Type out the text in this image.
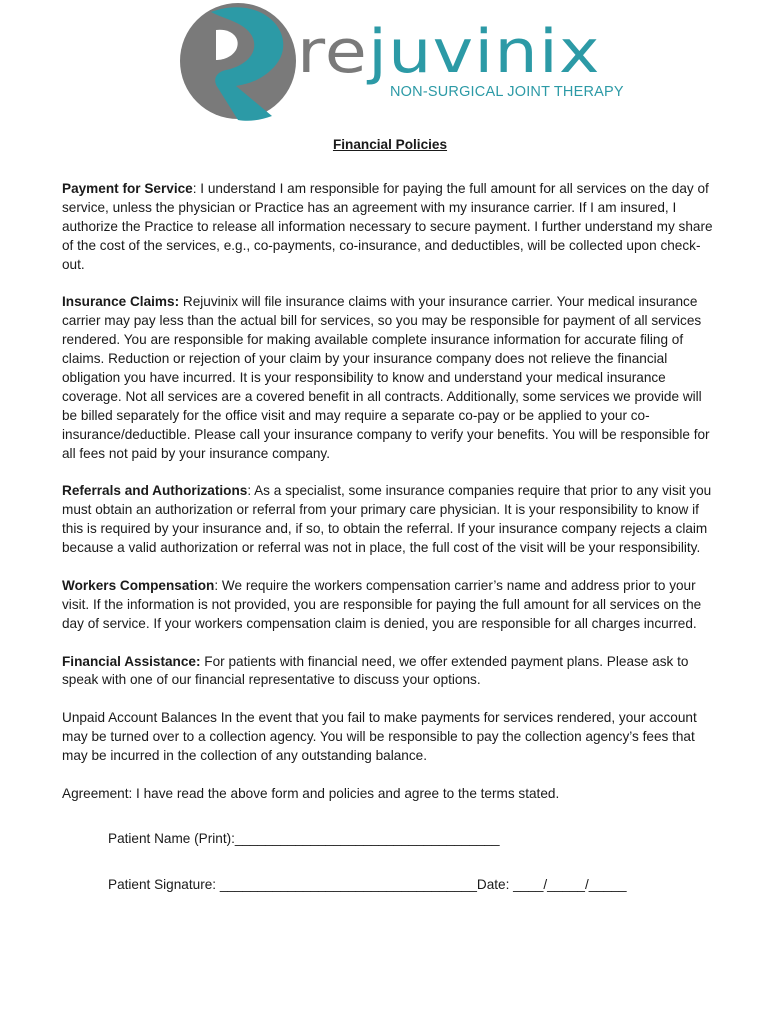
rejuvinix
NON-SURGICAL JOINT THERAPY
Financial Policies

Payment for Service: I understand I am responsible for paying the full amount for all services on the day of service, unless the physician or Practice has an agreement with my insurance carrier. If I am insured, I authorize the Practice to release all information necessary to secure payment. I further understand my share of the cost of the services, e.g., co-payments, co-insurance, and deductibles, will be collected upon check-out.

Insurance Claims: Rejuvinix will file insurance claims with your insurance carrier. Your medical insurance carrier may pay less than the actual bill for services, so you may be responsible for payment of all services rendered. You are responsible for making available complete insurance information for accurate filing of claims. Reduction or rejection of your claim by your insurance company does not relieve the financial obligation you have incurred. It is your responsibility to know and understand your medical insurance coverage. Not all services are a covered benefit in all contracts. Additionally, some services we provide will be billed separately for the office visit and may require a separate co-pay or be applied to your co-insurance/deductible. Please call your insurance company to verify your benefits. You will be responsible for all fees not paid by your insurance company.

Referrals and Authorizations: As a specialist, some insurance companies require that prior to any visit you must obtain an authorization or referral from your primary care physician. It is your responsibility to know if this is required by your insurance and, if so, to obtain the referral. If your insurance company rejects a claim because a valid authorization or referral was not in place, the full cost of the visit will be your responsibility.

Workers Compensation: We require the workers compensation carrier’s name and address prior to your visit. If the information is not provided, you are responsible for paying the full amount for all services on the day of service. If your workers compensation claim is denied, you are responsible for all charges incurred.

Financial Assistance: For patients with financial need, we offer extended payment plans. Please ask to speak with one of our financial representative to discuss your options.

Unpaid Account Balances In the event that you fail to make payments for services rendered, your account may be turned over to a collection agency. You will be responsible to pay the collection agency’s fees that may be incurred in the collection of any outstanding balance.

Agreement: I have read the above form and policies and agree to the terms stated.

Patient Name (Print):___________________________________
Patient Signature: __________________________________Date: ____/_____/_____
